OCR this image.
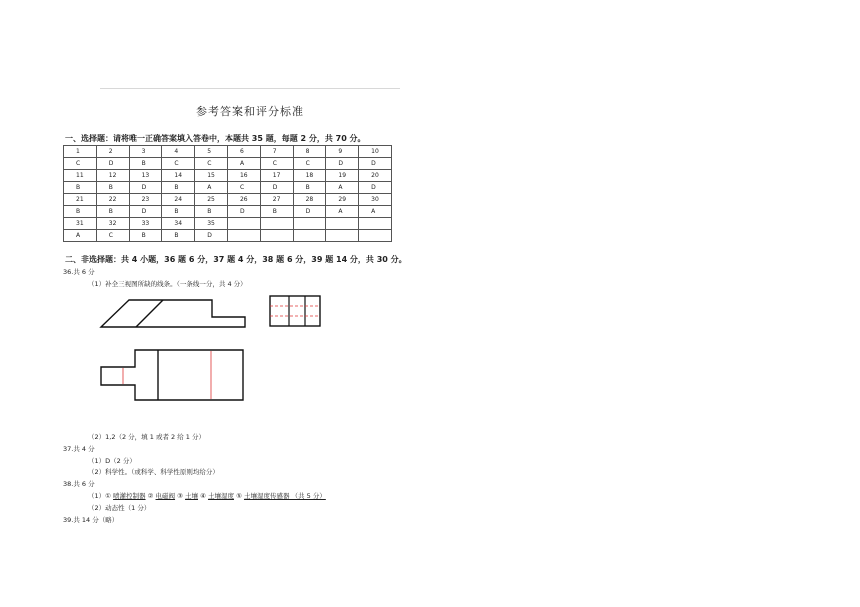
参考答案和评分标准
一、选择题：请将唯一正确答案填入答卷中，本题共 35 题，每题 2 分，共 70 分。
1	2	3	4	5	6	7	8	9	10
C	D	B	C	C	A	C	C	D	D
11	12	13	14	15	16	17	18	19	20
B	B	D	B	A	C	D	B	A	D
21	22	23	24	25	26	27	28	29	30
B	B	D	B	B	D	B	D	A	A
31	32	33	34	35					
A	C	B	B	D					
二、非选择题：共 4 小题，36 题 6 分，37 题 4 分，38 题 6 分，39 题 14 分，共 30 分。
36.共 6 分
（1）补全三视图所缺的线条。（一条线一分，共 4 分）
（2）1,2（2 分，填 1 或者 2 给 1 分）
37.共 4 分
（1）D（2 分）
（2）科学性。（或科学、科学性原则均给分）
38.共 6 分
（1）① 喷灌控制器 ② 电磁阀 ③ 土壤 ④ 土壤湿度 ⑤ 土壤湿度传感器 （共 5 分）
（2）动态性（1 分）
39.共 14 分（略）
